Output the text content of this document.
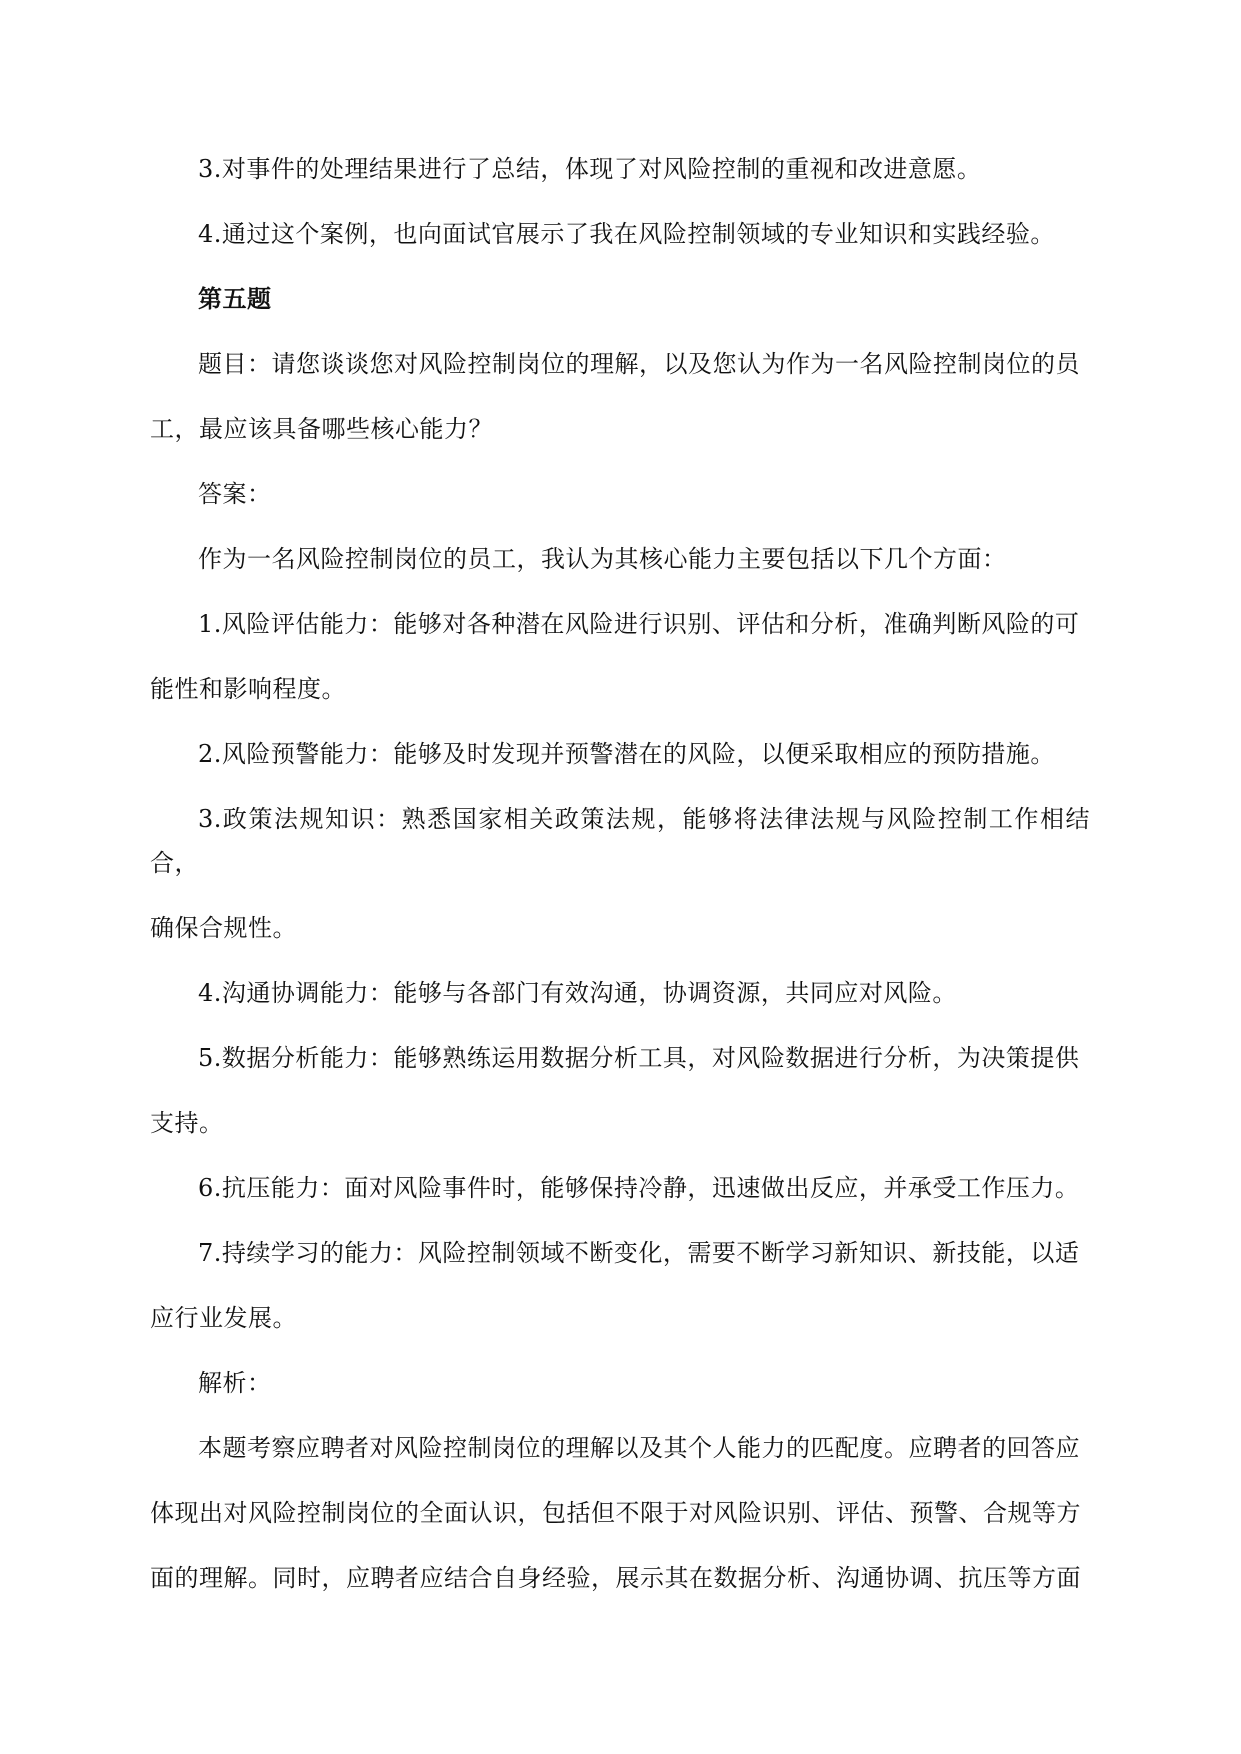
3.对事件的处理结果进行了总结，体现了对风险控制的重视和改进意愿。

4.通过这个案例，也向面试官展示了我在风险控制领域的专业知识和实践经验。

第五题

题目：请您谈谈您对风险控制岗位的理解，以及您认为作为一名风险控制岗位的员
工，最应该具备哪些核心能力？

答案：

作为一名风险控制岗位的员工，我认为其核心能力主要包括以下几个方面：

1.风险评估能力：能够对各种潜在风险进行识别、评估和分析，准确判断风险的可
能性和影响程度。

2.风险预警能力：能够及时发现并预警潜在的风险，以便采取相应的预防措施。

3.政策法规知识：熟悉国家相关政策法规，能够将法律法规与风险控制工作相结合，
确保合规性。

4.沟通协调能力：能够与各部门有效沟通，协调资源，共同应对风险。

5.数据分析能力：能够熟练运用数据分析工具，对风险数据进行分析，为决策提供
支持。

6.抗压能力：面对风险事件时，能够保持冷静，迅速做出反应，并承受工作压力。

7.持续学习的能力：风险控制领域不断变化，需要不断学习新知识、新技能，以适
应行业发展。

解析：

本题考察应聘者对风险控制岗位的理解以及其个人能力的匹配度。应聘者的回答应
体现出对风险控制岗位的全面认识，包括但不限于对风险识别、评估、预警、合规等方
面的理解。同时，应聘者应结合自身经验，展示其在数据分析、沟通协调、抗压等方面
